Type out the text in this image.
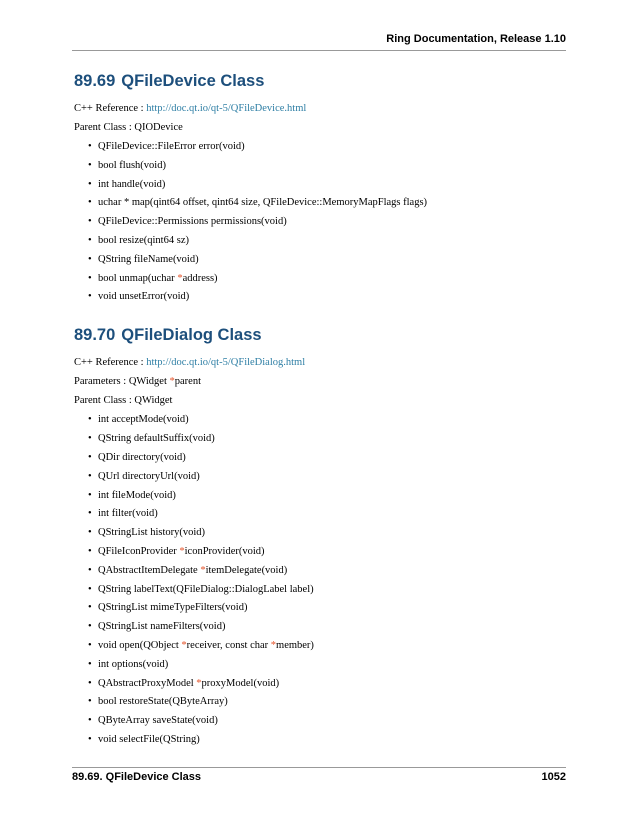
Ring Documentation, Release 1.10
89.69 QFileDevice Class
C++ Reference : http://doc.qt.io/qt-5/QFileDevice.html
Parent Class : QIODevice
• QFileDevice::FileError error(void)
• bool flush(void)
• int handle(void)
• uchar * map(qint64 offset, qint64 size, QFileDevice::MemoryMapFlags flags)
• QFileDevice::Permissions permissions(void)
• bool resize(qint64 sz)
• QString fileName(void)
• bool unmap(uchar *address)
• void unsetError(void)
89.70 QFileDialog Class
C++ Reference : http://doc.qt.io/qt-5/QFileDialog.html
Parameters : QWidget *parent
Parent Class : QWidget
• int acceptMode(void)
• QString defaultSuffix(void)
• QDir directory(void)
• QUrl directoryUrl(void)
• int fileMode(void)
• int filter(void)
• QStringList history(void)
• QFileIconProvider *iconProvider(void)
• QAbstractItemDelegate *itemDelegate(void)
• QString labelText(QFileDialog::DialogLabel label)
• QStringList mimeTypeFilters(void)
• QStringList nameFilters(void)
• void open(QObject *receiver, const char *member)
• int options(void)
• QAbstractProxyModel *proxyModel(void)
• bool restoreState(QByteArray)
• QByteArray saveState(void)
• void selectFile(QString)
89.69. QFileDevice Class	1052
